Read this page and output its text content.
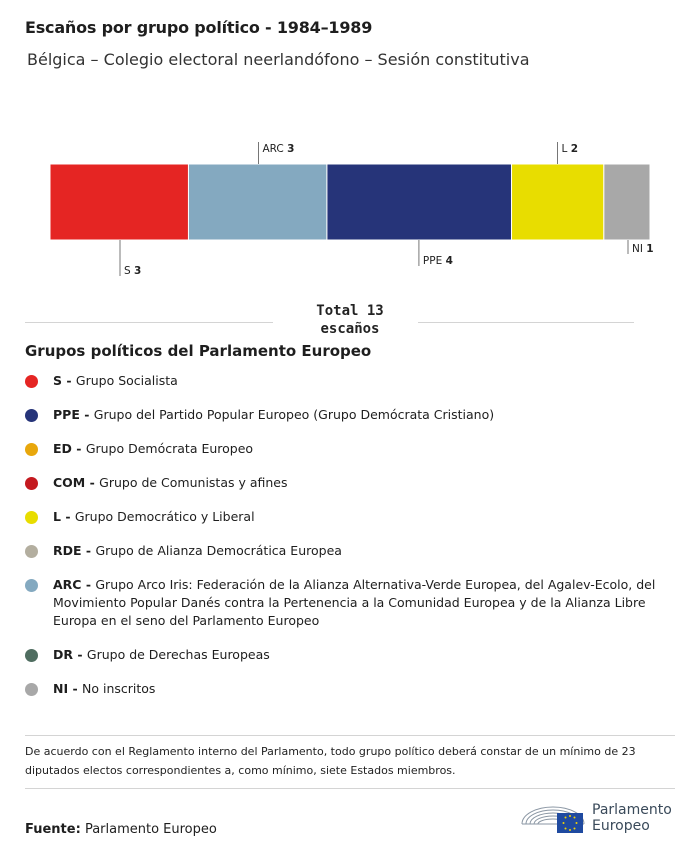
Escaños por grupo político - 1984–1989
Bélgica – Colegio electoral neerlandófono – Sesión constitutiva
S 3
ARC 3
PPE 4
L 2
NI 1
Total 13 escaños
Grupos políticos del Parlamento Europeo
S - Grupo Socialista
PPE - Grupo del Partido Popular Europeo (Grupo Demócrata Cristiano)
ED - Grupo Demócrata Europeo
COM - Grupo de Comunistas y afines
L - Grupo Democrático y Liberal
RDE - Grupo de Alianza Democrática Europea
ARC - Grupo Arco Iris: Federación de la Alianza Alternativa-Verde Europea, del Agalev-Ecolo, del Movimiento Popular Danés contra la Pertenencia a la Comunidad Europea y de la Alianza Libre Europa en el seno del Parlamento Europeo
DR - Grupo de Derechas Europeas
NI - No inscritos
De acuerdo con el Reglamento interno del Parlamento, todo grupo político deberá constar de un mínimo de 23 diputados electos correspondientes a, como mínimo, siete Estados miembros.
Fuente: Parlamento Europeo
Parlamento
Europeo
